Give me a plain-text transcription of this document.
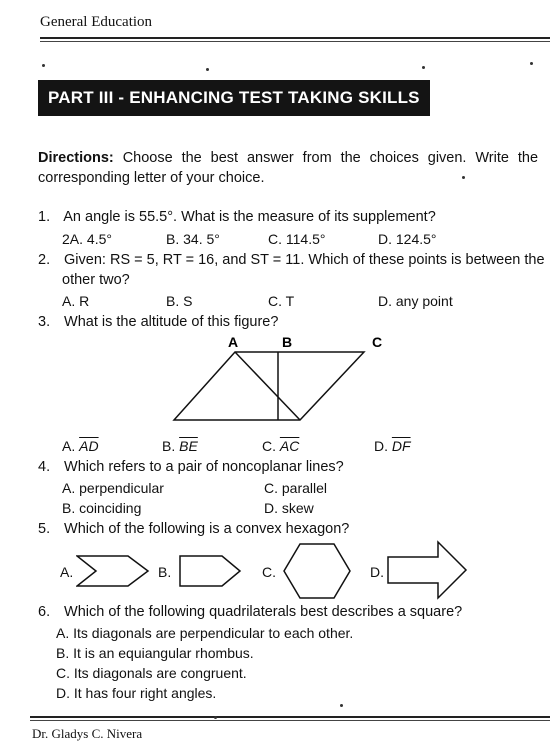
General Education
PART III - ENHANCING TEST TAKING SKILLS
Directions: Choose the best answer from the choices given. Write the corresponding letter of your choice.
1. An angle is 55.5°. What is the measure of its supplement?
2A. 4.5°	B. 34. 5°	C. 114.5°	D. 124.5°
2. Given: RS = 5, RT = 16, and ST = 11. Which of these points is between the
other two?
A. R	B. S	C. T	D. any point
3. What is the altitude of this figure?
A	B	C
A. $\overline{AD}$	B. $\overline{BE}$	C. $\overline{AC}$	D. $\overline{DF}$
4. Which refers to a pair of noncoplanar lines?
A. perpendicular	C. parallel
B. coinciding	D. skew
5. Which of the following is a convex hexagon?
A.	B.	C.	D.
6. Which of the following quadrilaterals best describes a square?
A. Its diagonals are perpendicular to each other.
B. It is an equiangular rhombus.
C. Its diagonals are congruent.
D. It has four right angles.
Dr. Gladys C. Nivera
